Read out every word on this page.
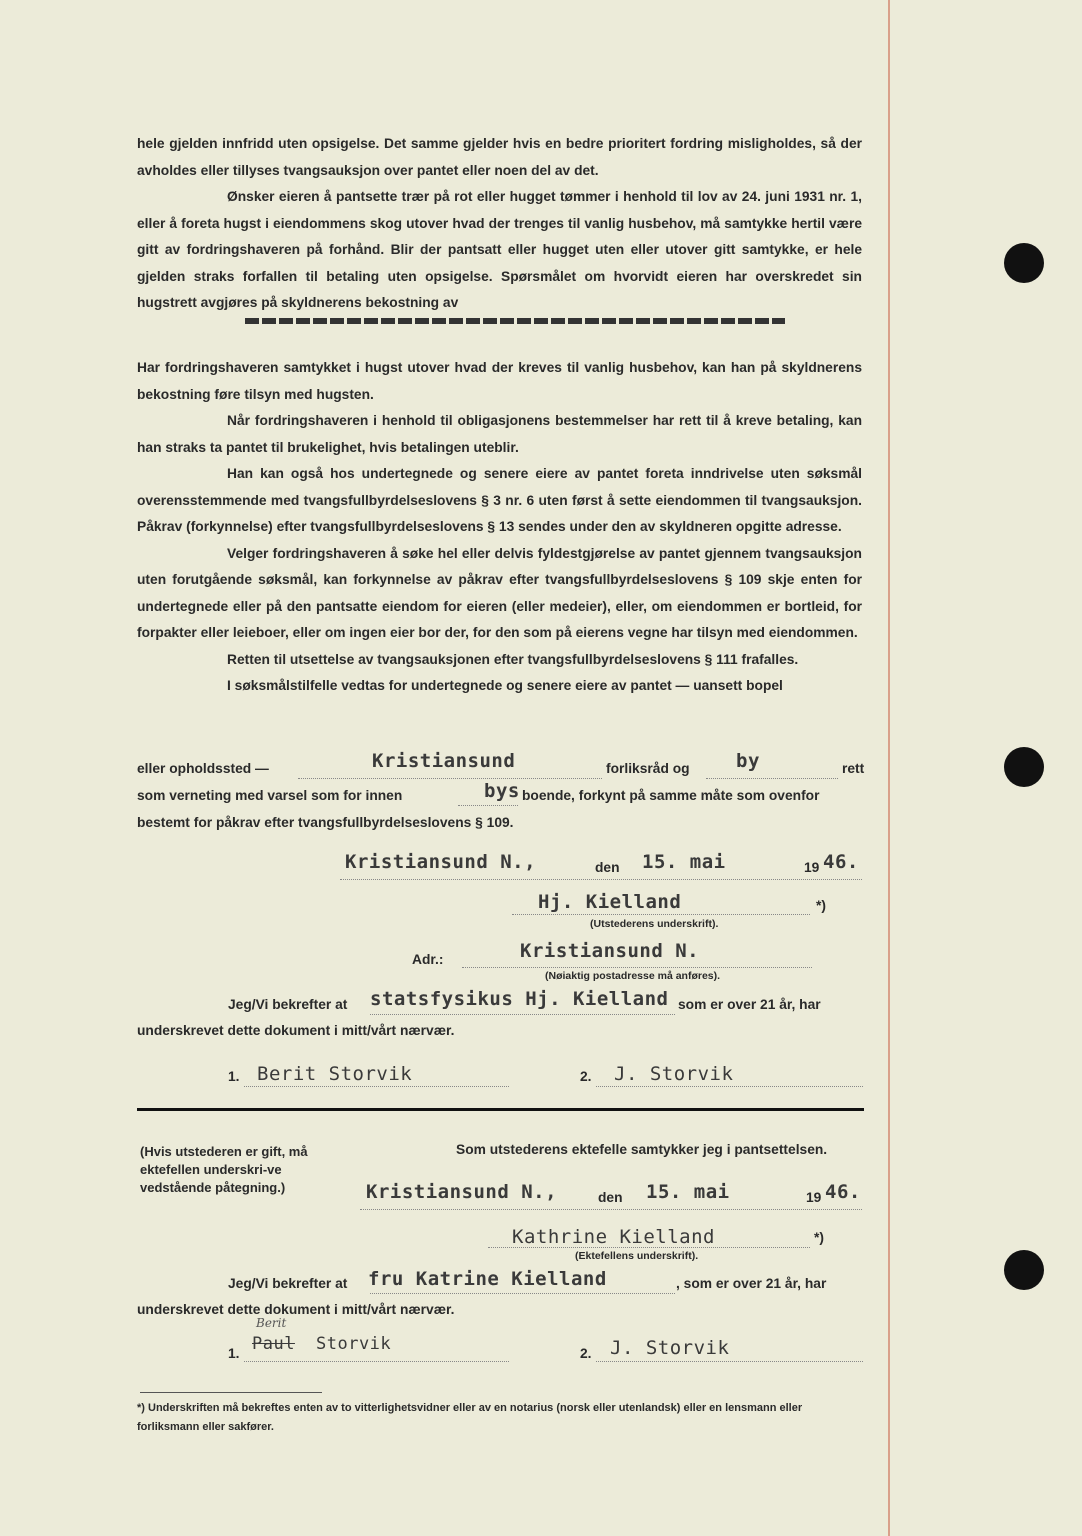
hele gjelden innfridd uten opsigelse. Det samme gjelder hvis en bedre prioritert fordring misligholdes, så der avholdes eller tillyses tvangsauksjon over pantet eller noen del av det.

Ønsker eieren å pantsette trær på rot eller hugget tømmer i henhold til lov av 24. juni 1931 nr. 1, eller å foreta hugst i eiendommens skog utover hvad der trenges til vanlig husbehov, må samtykke hertil være gitt av fordringshaveren på forhånd. Blir der pantsatt eller hugget uten eller utover gitt samtykke, er hele gjelden straks forfallen til betaling uten opsigelse. Spørsmålet om hvorvidt eieren har overskredet sin hugstrett avgjøres på skyldnerens bekostning av

Har fordringshaveren samtykket i hugst utover hvad der kreves til vanlig husbehov, kan han på skyldnerens bekostning føre tilsyn med hugsten.

Når fordringshaveren i henhold til obligasjonens bestemmelser har rett til å kreve betaling, kan han straks ta pantet til brukelighet, hvis betalingen uteblir.

Han kan også hos undertegnede og senere eiere av pantet foreta inndrivelse uten søksmål overensstemmende med tvangsfullbyrdelseslovens § 3 nr. 6 uten først å sette eiendommen til tvangsauksjon. Påkrav (forkynnelse) efter tvangsfullbyrdelseslovens § 13 sendes under den av skyldneren opgitte adresse.

Velger fordringshaveren å søke hel eller delvis fyldestgjørelse av pantet gjennem tvangsauksjon uten forutgående søksmål, kan forkynnelse av påkrav efter tvangsfullbyrdelseslovens § 109 skje enten for undertegnede eller på den pantsatte eiendom for eieren (eller medeier), eller, om eiendommen er bortleid, for forpakter eller leieboer, eller om ingen eier bor der, for den som på eierens vegne har tilsyn med eiendommen.

Retten til utsettelse av tvangsauksjonen efter tvangsfullbyrdelseslovens § 111 frafalles.

I søksmålstilfelle vedtas for undertegnede og senere eiere av pantet — uansett bopel

eller opholdssted —	Kristiansund	forliksråd og by	rett
som verneting med varsel som for innen	bys boende, forkynt på samme måte som ovenfor
bestemt for påkrav efter tvangsfullbyrdelseslovens § 109.
Kristiansund N.,	den 15. mai	19 46.
Hj. Kielland	*)
(Utstederens underskrift).
Adr.:	Kristiansund N.
(Nøiaktig postadresse må anføres).
Jeg/Vi bekrefter at statsfysikus Hj. Kielland som er over 21 år, har
underskrevet dette dokument i mitt/vårt nærvær.
1. Berit Storvik	2. J. Storvik

(Hvis utstederen er gift, må ektefellen underskri-ve vedstående påtegning.)

Som utstederens ektefelle samtykker jeg i pantsettelsen.
Kristiansund N.,	den 15. mai	19 46.
Kathrine Kielland	*)
(Ektefellens underskrift).
Jeg/Vi bekrefter at fru Katrine Kielland	, som er over 21 år, har
underskrevet dette dokument i mitt/vårt nærvær.
1.
Berit
Paul Storvik	2. J. Storvik

*) Underskriften må bekreftes enten av to vitterlighetsvidner eller av en notarius (norsk eller utenlandsk) eller en lensmann eller forliksmann eller sakfører.
